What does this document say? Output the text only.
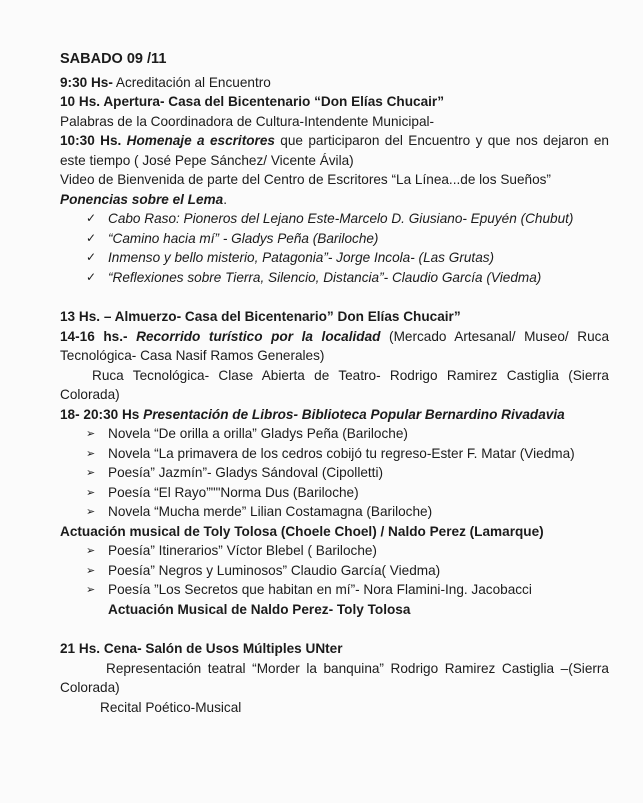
SABADO 09 /11
9:30 Hs- Acreditación al Encuentro
10 Hs. Apertura- Casa del Bicentenario “Don Elías Chucair”
Palabras de la Coordinadora de Cultura-Intendente Municipal-
10:30 Hs. Homenaje a escritores que participaron del Encuentro y que nos dejaron en este tiempo ( José Pepe Sánchez/ Vicente Ávila)
Video de Bienvenida de parte del Centro de Escritores “La Línea...de los Sueños”
Ponencias sobre el Lema.
✓ Cabo Raso: Pioneros del Lejano Este-Marcelo D. Giusiano- Epuyén (Chubut)
✓ “Camino hacia mí” - Gladys Peña (Bariloche)
✓ Inmenso y bello misterio, Patagonia”- Jorge Incola- (Las Grutas)
✓ “Reflexiones sobre Tierra, Silencio, Distancia”- Claudio García (Viedma)
13 Hs. – Almuerzo- Casa del Bicentenario” Don Elías Chucair”
14-16 hs.- Recorrido turístico por la localidad (Mercado Artesanal/ Museo/ Ruca Tecnológica- Casa Nasif Ramos Generales)
Ruca Tecnológica- Clase Abierta de Teatro- Rodrigo Ramirez Castiglia (Sierra Colorada)
18- 20:30 Hs Presentación de Libros- Biblioteca Popular Bernardino Rivadavia
➢ Novela “De orilla a orilla” Gladys Peña (Bariloche)
➢ Novela “La primavera de los cedros cobijó tu regreso-Ester F. Matar (Viedma)
➢ Poesía” Jazmín”- Gladys Sándoval (Cipolletti)
➢ Poesía “El Rayo”""Norma Dus (Bariloche)
➢ Novela “Mucha merde” Lilian Costamagna (Bariloche)
Actuación musical de Toly Tolosa (Choele Choel) / Naldo Perez (Lamarque)
➢ Poesía” Itinerarios” Víctor Blebel ( Bariloche)
➢ Poesía” Negros y Luminosos” Claudio García( Viedma)
➢ Poesía ”Los Secretos que habitan en mí”- Nora Flamini-Ing. Jacobacci
Actuación Musical de Naldo Perez- Toly Tolosa
21 Hs. Cena- Salón de Usos Múltiples UNter
Representación teatral “Morder la banquina” Rodrigo Ramirez Castiglia –(Sierra Colorada)
Recital Poético-Musical
